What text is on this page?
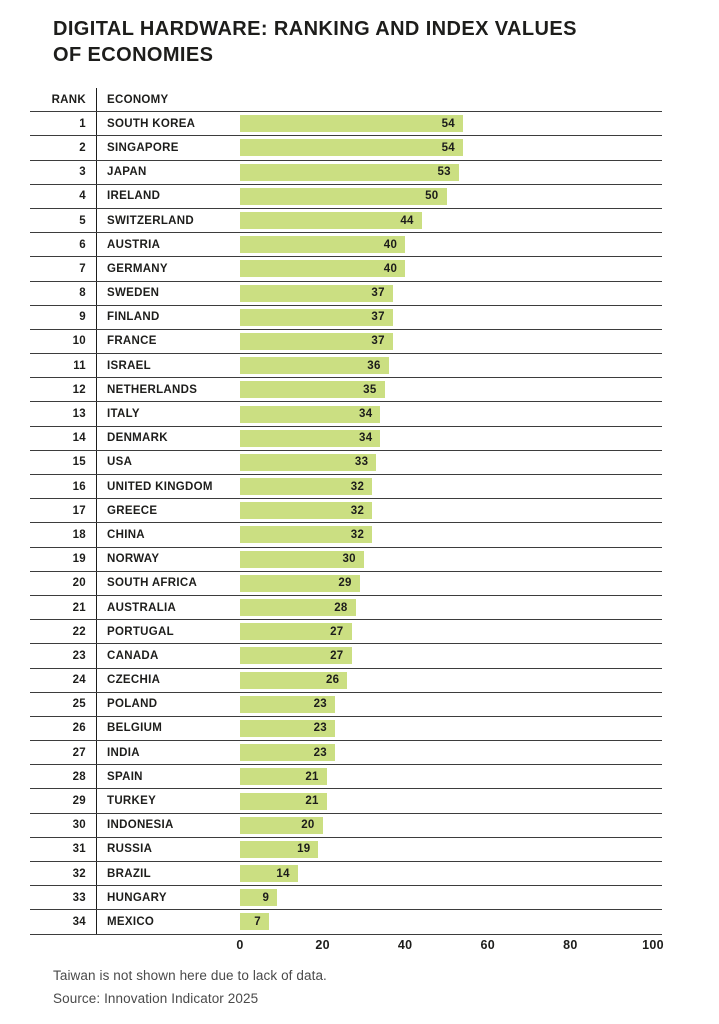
DIGITAL HARDWARE: RANKING AND INDEX VALUES
OF ECONOMIES
RANK	ECONOMY
1	SOUTH KOREA	54
2	SINGAPORE	54
3	JAPAN	53
4	IRELAND	50
5	SWITZERLAND	44
6	AUSTRIA	40
7	GERMANY	40
8	SWEDEN	37
9	FINLAND	37
10	FRANCE	37
11	ISRAEL	36
12	NETHERLANDS	35
13	ITALY	34
14	DENMARK	34
15	USA	33
16	UNITED KINGDOM	32
17	GREECE	32
18	CHINA	32
19	NORWAY	30
20	SOUTH AFRICA	29
21	AUSTRALIA	28
22	PORTUGAL	27
23	CANADA	27
24	CZECHIA	26
25	POLAND	23
26	BELGIUM	23
27	INDIA	23
28	SPAIN	21
29	TURKEY	21
30	INDONESIA	20
31	RUSSIA	19
32	BRAZIL	14
33	HUNGARY	9
34	MEXICO	7
0	20	40	60	80	100
Taiwan is not shown here due to lack of data.
Source: Innovation Indicator 2025
